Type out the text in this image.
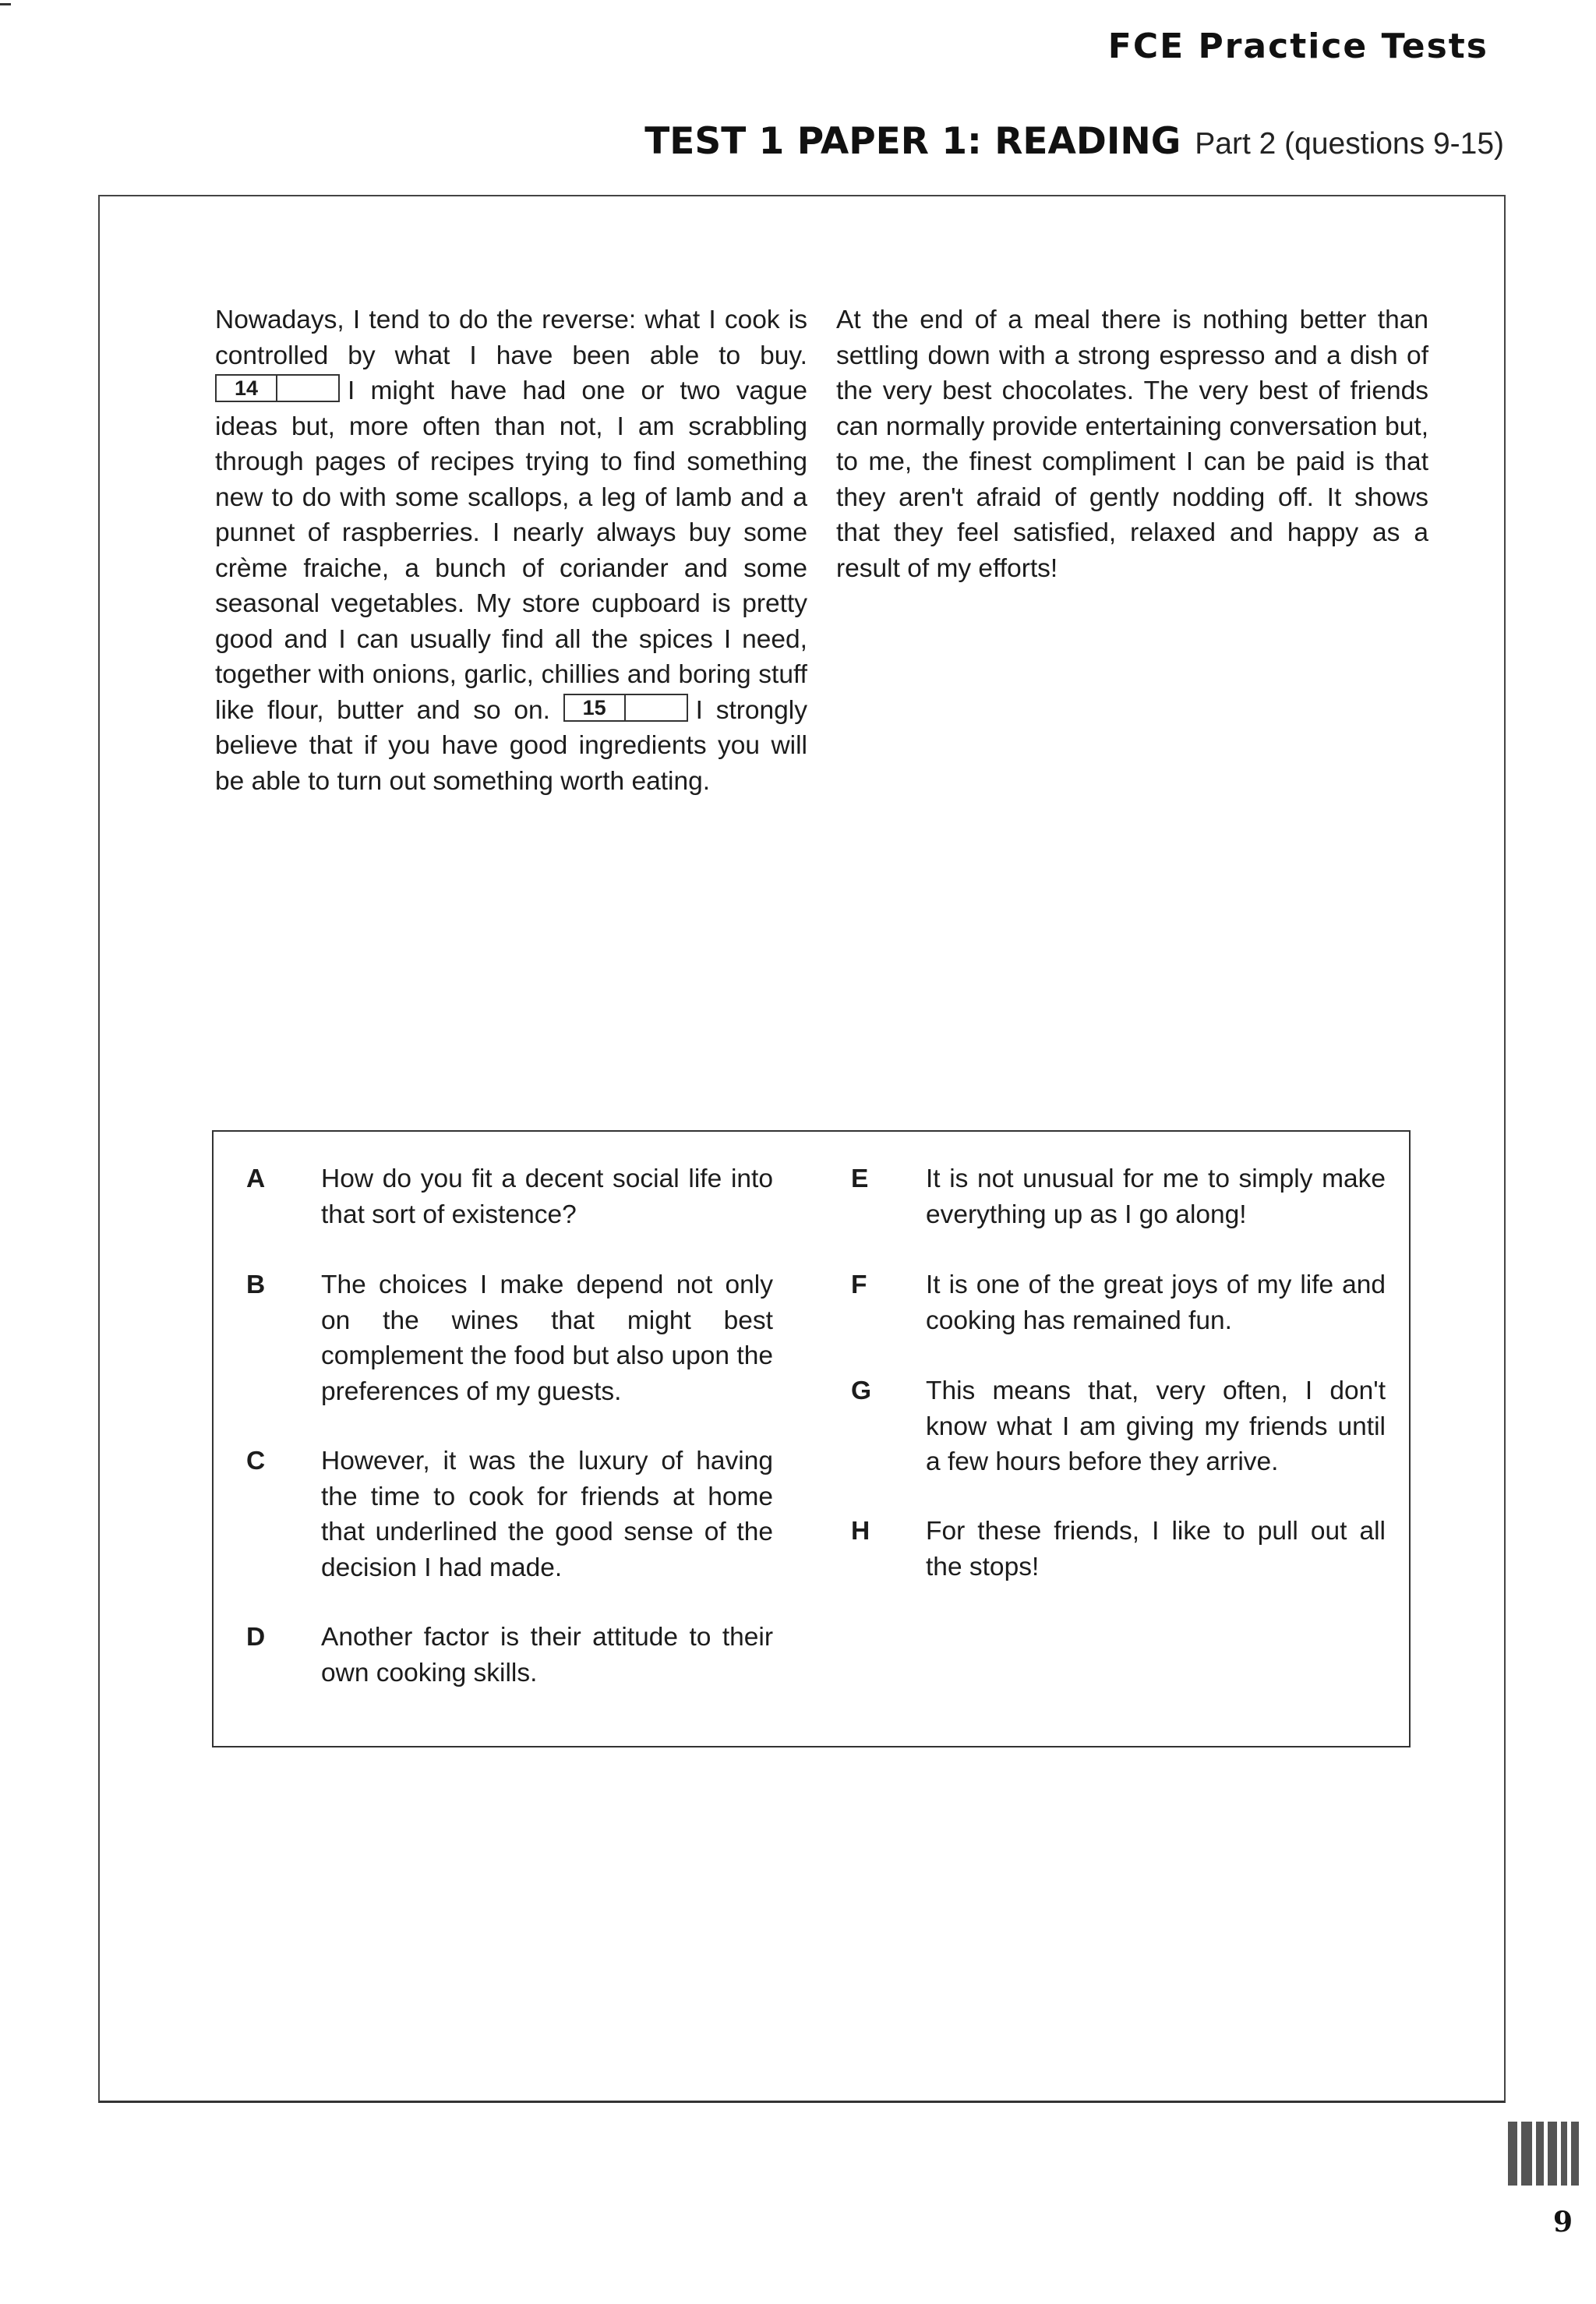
FCE Practice Tests
TEST 1 PAPER 1: READING Part 2 (questions 9-15)
Nowadays, I tend to do the reverse: what I cook is controlled by what I have been able to buy.
14	I might have had one or two vague ideas but, more often than not, I am scrabbling through pages of recipes trying to find something new to do with some scallops, a leg of lamb and a punnet of raspberries. I nearly always buy some crème fraiche, a bunch of coriander and some seasonal vegetables. My store cupboard is pretty good and I can usually find all the spices I need, together with onions, garlic, chillies and boring stuff like flour, butter and so on.	15	I strongly believe that if you have good ingredients you will be able to turn out something worth eating.
At the end of a meal there is nothing better than settling down with a strong espresso and a dish of the very best chocolates. The very best of friends can normally provide entertaining conversation but, to me, the finest compliment I can be paid is that they aren't afraid of gently nodding off. It shows that they feel satisfied, relaxed and happy as a result of my efforts!
A How do you fit a decent social life into that sort of existence?
B The choices I make depend not only on the wines that might best complement the food but also upon the preferences of my guests.
C However, it was the luxury of having the time to cook for friends at home that underlined the good sense of the decision I had made.
D Another factor is their attitude to their own cooking skills.
E It is not unusual for me to simply make everything up as I go along!
F It is one of the great joys of my life and cooking has remained fun.
G This means that, very often, I don't know what I am giving my friends until a few hours before they arrive.
H For these friends, I like to pull out all the stops!
9
